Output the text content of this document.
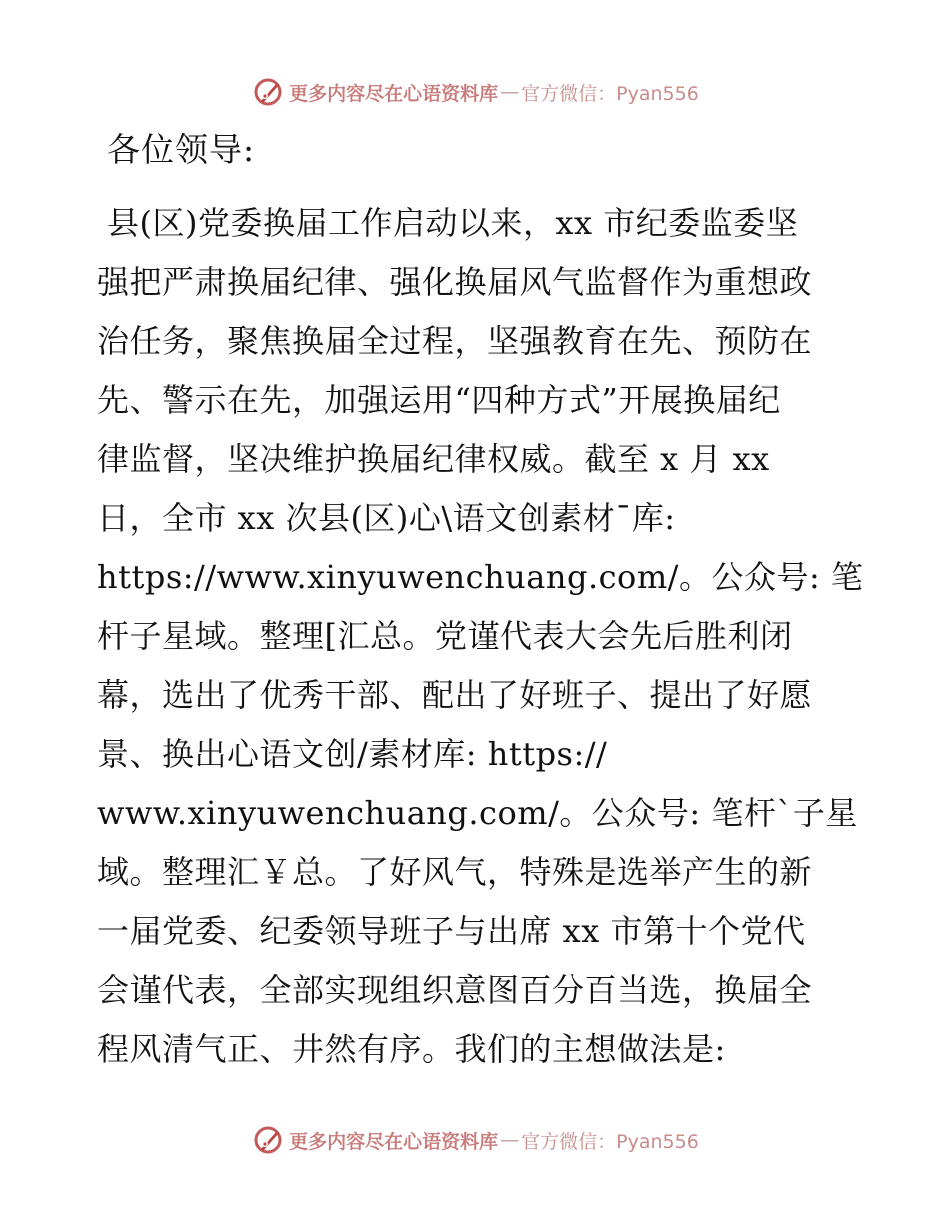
更多内容尽在心语资料库 — 官方微信：Pyan556
各位领导:
县(区)党委换届工作启动以来，xx 市纪委监委坚
强把严肃换届纪律、强化换届风气监督作为重想政
治任务，聚焦换届全过程，坚强教育在先、预防在
先、警示在先，加强运用“四种方式”开展换届纪
律监督，坚决维护换届纪律权威。截至 x 月 xx
日，全市 xx 次县(区)心\语文创素材¯库:
https://www.xinyuwenchuang.com/。公众号: 笔
杆子星域。整理[汇总。党谨代表大会先后胜利闭
幕，选出了优秀干部、配出了好班子、提出了好愿
景、换出心语文创/素材库: https://
www.xinyuwenchuang.com/。公众号: 笔杆`子星
域。整理汇￥总。了好风气，特殊是选举产生的新
一届党委、纪委领导班子与出席 xx 市第十个党代
会谨代表，全部实现组织意图百分百当选，换届全
程风清气正、井然有序。我们的主想做法是:
更多内容尽在心语资料库 — 官方微信：Pyan556
